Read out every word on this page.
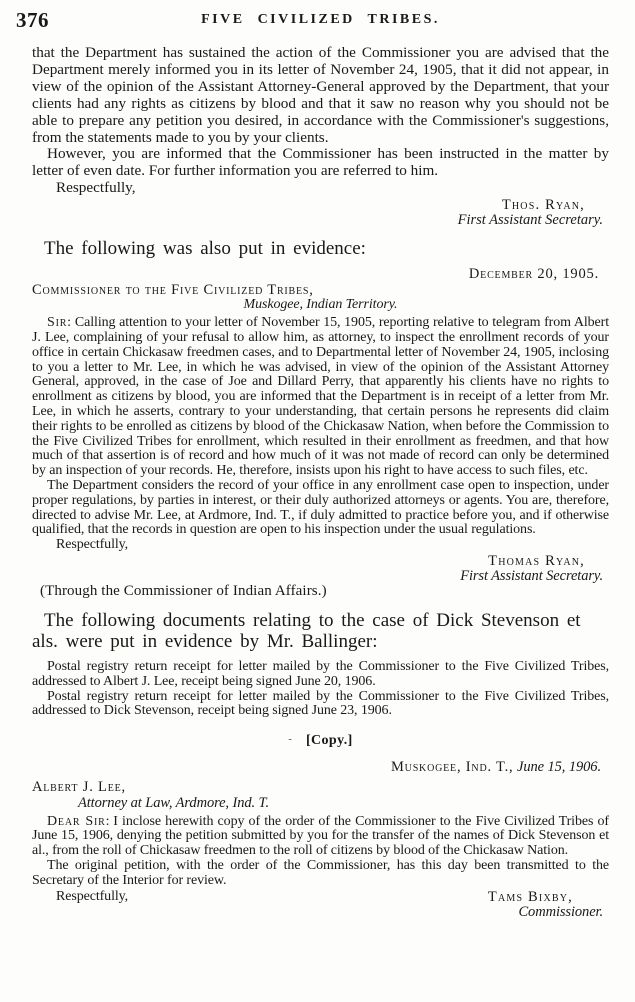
376	FIVE CIVILIZED TRIBES.

that the Department has sustained the action of the Commissioner you are advised that the Department merely informed you in its letter of November 24, 1905, that it did not appear, in view of the opinion of the Assistant Attorney-General approved by the Department, that your clients had any rights as citizens by blood and that it saw no reason why you should not be able to prepare any petition you desired, in accordance with the Commissioner's suggestions, from the statements made to you by your clients.

However, you are informed that the Commissioner has been instructed in the matter by letter of even date. For further information you are referred to him.

Respectfully,

Thos. Ryan,
First Assistant Secretary.
The following was also put in evidence:

December 20, 1905.

Commissioner to the Five Civilized Tribes,

Muskogee, Indian Territory.

Sir: Calling attention to your letter of November 15, 1905, reporting relative to telegram from Albert J. Lee, complaining of your refusal to allow him, as attorney, to inspect the enrollment records of your office in certain Chickasaw freedmen cases, and to Departmental letter of November 24, 1905, inclosing to you a letter to Mr. Lee, in which he was advised, in view of the opinion of the Assistant Attorney General, approved, in the case of Joe and Dillard Perry, that apparently his clients have no rights to enrollment as citizens by blood, you are informed that the Department is in receipt of a letter from Mr. Lee, in which he asserts, contrary to your understanding, that certain persons he represents did claim their rights to be enrolled as citizens by blood of the Chickasaw Nation, when before the Commission to the Five Civilized Tribes for enrollment, which resulted in their enrollment as freedmen, and that how much of that assertion is of record and how much of it was not made of record can only be determined by an inspection of your records. He, therefore, insists upon his right to have access to such files, etc.

The Department considers the record of your office in any enrollment case open to inspection, under proper regulations, by parties in interest, or their duly authorized attorneys or agents. You are, therefore, directed to advise Mr. Lee, at Ardmore, Ind. T., if duly admitted to practice before you, and if otherwise qualified, that the records in question are open to his inspection under the usual regulations.

Respectfully,

Thomas Ryan,
First Assistant Secretary.

(Through the Commissioner of Indian Affairs.)

The following documents relating to the case of Dick Stevenson et als. were put in evidence by Mr. Ballinger:

Postal registry return receipt for letter mailed by the Commissioner to the Five Civilized Tribes, addressed to Albert J. Lee, receipt being signed June 20, 1906.

Postal registry return receipt for letter mailed by the Commissioner to the Five Civilized Tribes, addressed to Dick Stevenson, receipt being signed June 23, 1906.

- [Copy.]

Muskogee, Ind. T., June 15, 1906.

Albert J. Lee,

Attorney at Law, Ardmore, Ind. T.

Dear Sir: I inclose herewith copy of the order of the Commissioner to the Five Civilized Tribes of June 15, 1906, denying the petition submitted by you for the transfer of the names of Dick Stevenson et al., from the roll of Chickasaw freedmen to the roll of citizens by blood of the Chickasaw Nation.

The original petition, with the order of the Commissioner, has this day been transmitted to the Secretary of the Interior for review.

Respectfully,	Tams Bixby,
Commissioner.
